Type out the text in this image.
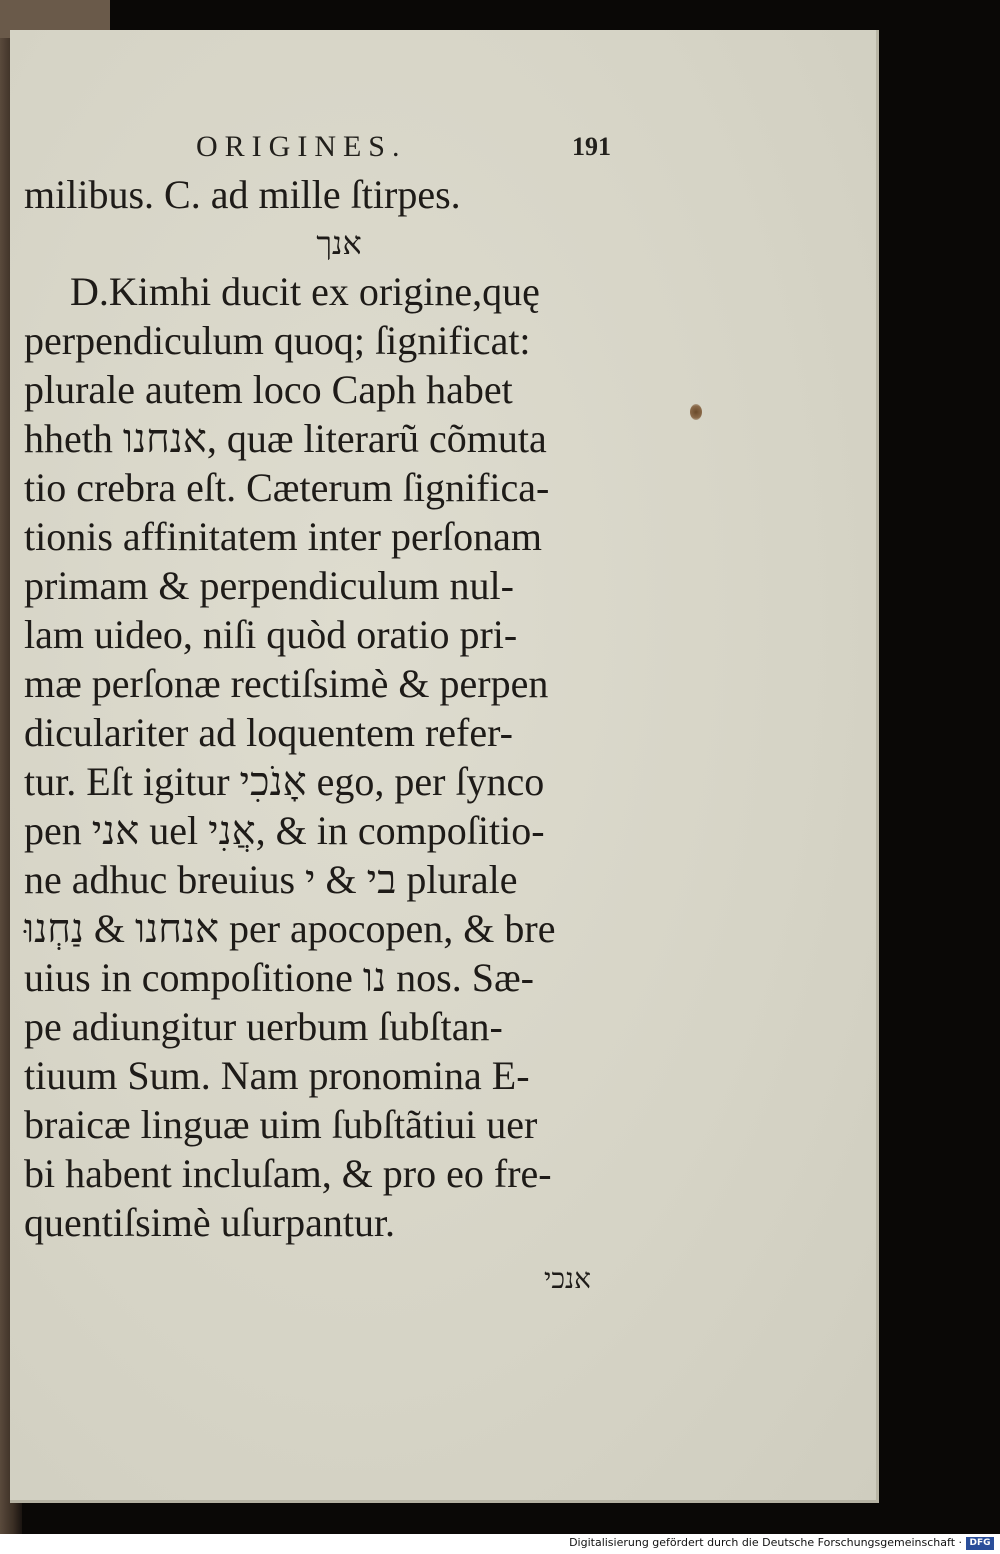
ORIGINES.	191
milibus. C. ad mille ſtirpes.
אנך
D.Kimhi ducit ex origine,quę
perpendiculum quoq; ſignificat:
plurale autem loco Caph habet
hheth אנחנו, quæ literarũ cõmuta
tio crebra eſt. Cæterum ſignifica-
tionis affinitatem inter perſonam
primam & perpendiculum nul-
lam uideo, niſi quòd oratio pri-
mæ perſonæ rectiſsimè & perpen
diculariter ad loquentem refer-
tur. Eſt igitur אָנֹכִי ego, per ſynco
pen אני uel אֲנִי, & in compoſitio-
ne adhuc breuius בי & י plurale
אנחנו & נַחְנוּ per apocopen, & bre
uius in compoſitione נו nos. Sæ-
pe adiungitur uerbum ſubſtan-
tiuum Sum. Nam pronomina E-
braicæ linguæ uim ſubſtãtiui uer
bi habent incluſam, & pro eo fre-
quentiſsimè uſurpantur.
אנכי
Digitalisierung gefördert durch die Deutsche Forschungsgemeinschaft · DFG
